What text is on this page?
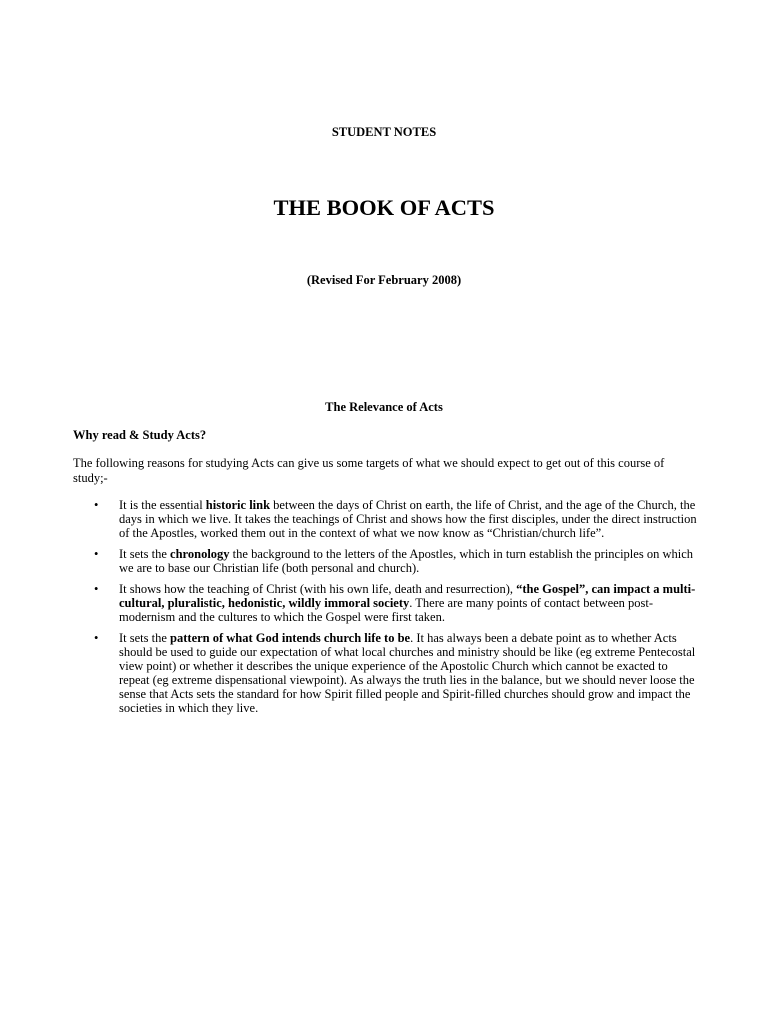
STUDENT NOTES
THE BOOK OF ACTS
(Revised For February 2008)
The Relevance of Acts
Why read & Study Acts?
The following reasons for studying Acts can give us some targets of what we should expect to get out of this course of study;-
• It is the essential historic link between the days of Christ on earth, the life of Christ, and the age of the Church, the days in which we live. It takes the teachings of Christ and shows how the first disciples, under the direct instruction of the Apostles, worked them out in the context of what we now know as “Christian/church life”.
• It sets the chronology the background to the letters of the Apostles, which in turn establish the principles on which we are to base our Christian life (both personal and church).
• It shows how the teaching of Christ (with his own life, death and resurrection), “the Gospel”, can impact a multi-cultural, pluralistic, hedonistic, wildly immoral society. There are many points of contact between post-modernism and the cultures to which the Gospel were first taken.
• It sets the pattern of what God intends church life to be. It has always been a debate point as to whether Acts should be used to guide our expectation of what local churches and ministry should be like (eg extreme Pentecostal view point) or whether it describes the unique experience of the Apostolic Church which cannot be exacted to repeat (eg extreme dispensational viewpoint). As always the truth lies in the balance, but we should never loose the sense that Acts sets the standard for how Spirit filled people and Spirit-filled churches should grow and impact the societies in which they live.
